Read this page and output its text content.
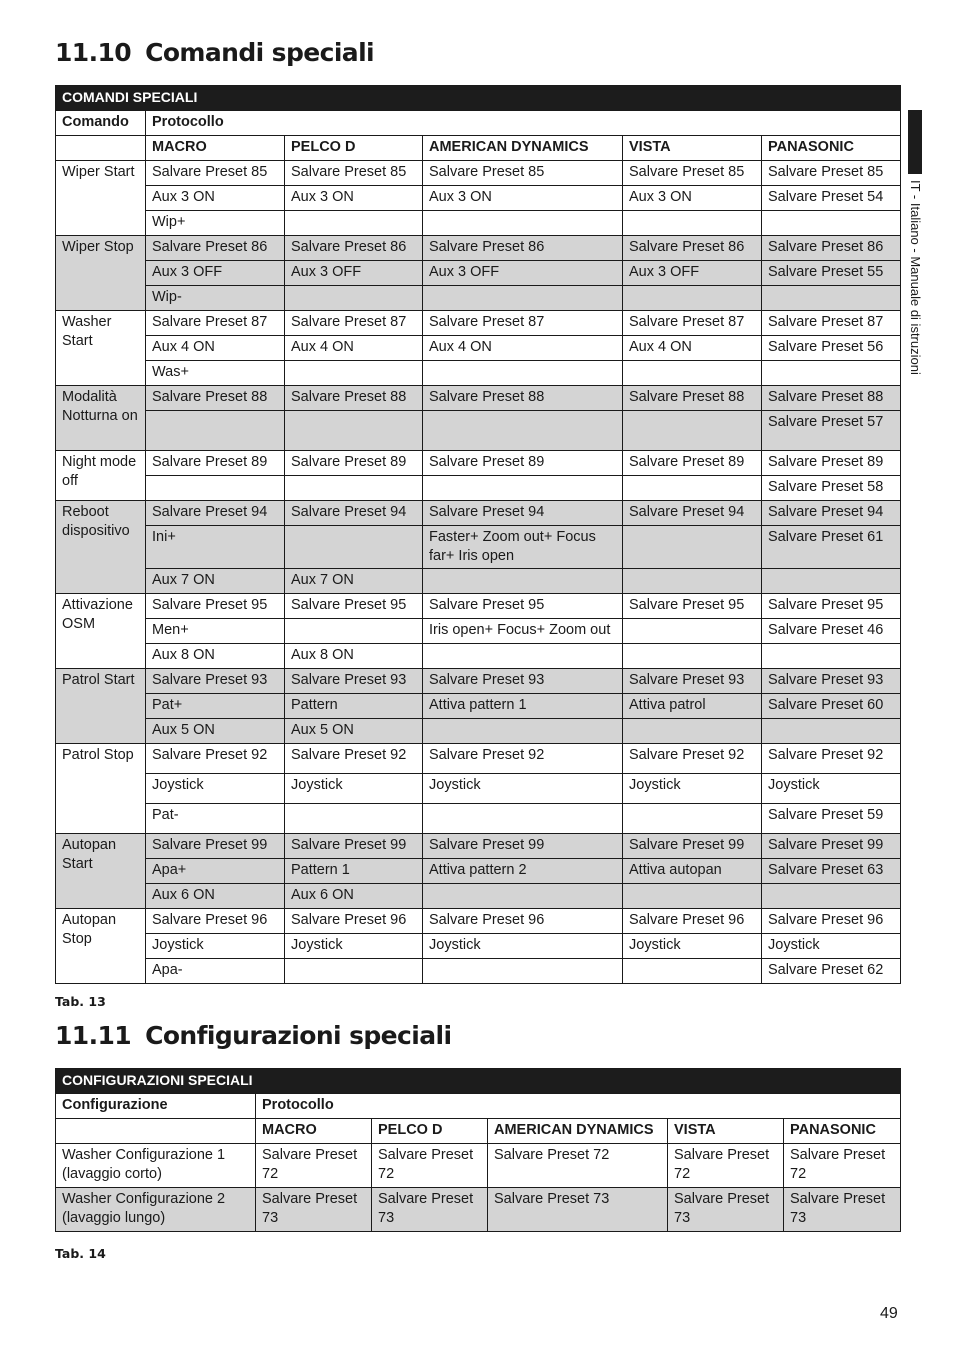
11.10 Comandi speciali
COMANDI SPECIALI					
Comando	Protocollo				
	MACRO	PELCO D	AMERICAN DYNAMICS	VISTA	PANASONIC
Wiper Start	Salvare Preset 85	Salvare Preset 85	Salvare Preset 85	Salvare Preset 85	Salvare Preset 85
	Aux 3 ON	Aux 3 ON	Aux 3 ON	Aux 3 ON	Salvare Preset 54
	Wip+				
Wiper Stop	Salvare Preset 86	Salvare Preset 86	Salvare Preset 86	Salvare Preset 86	Salvare Preset 86
	Aux 3 OFF	Aux 3 OFF	Aux 3 OFF	Aux 3 OFF	Salvare Preset 55
	Wip-				
Washer Start	Salvare Preset 87	Salvare Preset 87	Salvare Preset 87	Salvare Preset 87	Salvare Preset 87
	Aux 4 ON	Aux 4 ON	Aux 4 ON	Aux 4 ON	Salvare Preset 56
	Was+				
Modalità Notturna on	Salvare Preset 88	Salvare Preset 88	Salvare Preset 88	Salvare Preset 88	Salvare Preset 88
					Salvare Preset 57
Night mode off	Salvare Preset 89	Salvare Preset 89	Salvare Preset 89	Salvare Preset 89	Salvare Preset 89
					Salvare Preset 58
Reboot dispositivo	Salvare Preset 94	Salvare Preset 94	Salvare Preset 94	Salvare Preset 94	Salvare Preset 94
	Ini+		Faster+ Zoom out+ Focus far+ Iris open		Salvare Preset 61
	Aux 7 ON	Aux 7 ON			
Attivazione OSM	Salvare Preset 95	Salvare Preset 95	Salvare Preset 95	Salvare Preset 95	Salvare Preset 95
	Men+		Iris open+ Focus+ Zoom out		Salvare Preset 46
	Aux 8 ON	Aux 8 ON			
Patrol Start	Salvare Preset 93	Salvare Preset 93	Salvare Preset 93	Salvare Preset 93	Salvare Preset 93
	Pat+	Pattern	Attiva pattern 1	Attiva patrol	Salvare Preset 60
	Aux 5 ON	Aux 5 ON			
Patrol Stop	Salvare Preset 92	Salvare Preset 92	Salvare Preset 92	Salvare Preset 92	Salvare Preset 92
	Joystick	Joystick	Joystick	Joystick	Joystick
	Pat-				Salvare Preset 59
Autopan Start	Salvare Preset 99	Salvare Preset 99	Salvare Preset 99	Salvare Preset 99	Salvare Preset 99
	Apa+	Pattern 1	Attiva pattern 2	Attiva autopan	Salvare Preset 63
	Aux 6 ON	Aux 6 ON			
Autopan Stop	Salvare Preset 96	Salvare Preset 96	Salvare Preset 96	Salvare Preset 96	Salvare Preset 96
	Joystick	Joystick	Joystick	Joystick	Joystick
	Apa-				Salvare Preset 62

Tab. 13

11.11 Configurazioni speciali
CONFIGURAZIONI SPECIALI					
Configurazione	Protocollo				
	MACRO	PELCO D	AMERICAN DYNAMICS	VISTA	PANASONIC
Washer Configurazione 1 (lavaggio corto)	Salvare Preset 72	Salvare Preset 72	Salvare Preset 72	Salvare Preset 72	Salvare Preset 72
Washer Configurazione 2 (lavaggio lungo)	Salvare Preset 73	Salvare Preset 73	Salvare Preset 73	Salvare Preset 73	Salvare Preset 73

Tab. 14

IT - Italiano - Manuale di istruzioni
49
